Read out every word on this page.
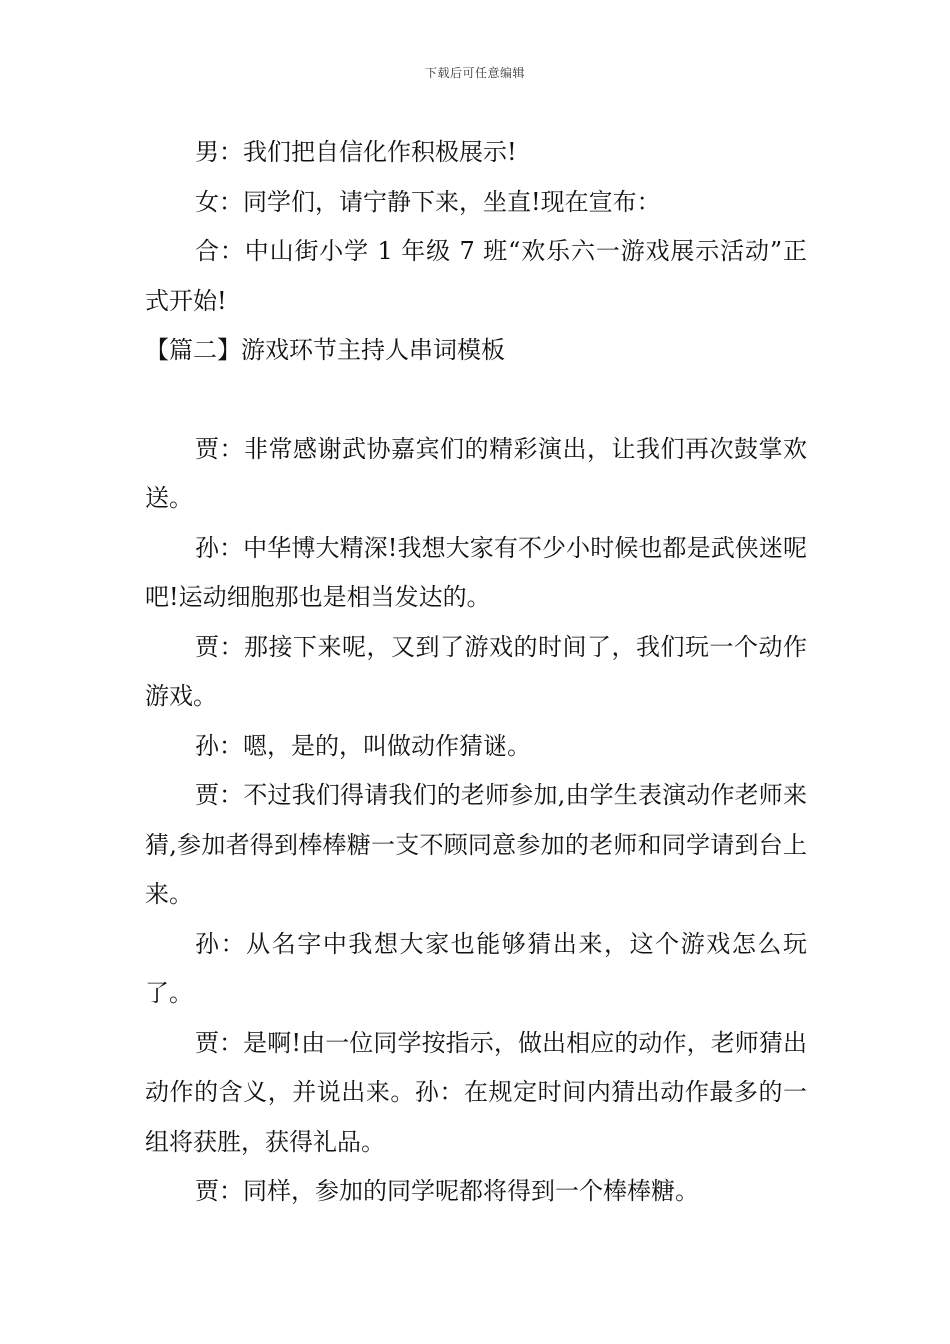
下载后可任意编辑

男：我们把自信化作积极展示!

女：同学们，请宁静下来，坐直!现在宣布：

合：中山街小学 1 年级 7 班“欢乐六一游戏展示活动”正式开始!

【篇二】游戏环节主持人串词模板

贾：非常感谢武协嘉宾们的精彩演出，让我们再次鼓掌欢送。

孙：中华博大精深!我想大家有不少小时候也都是武侠迷呢吧!运动细胞那也是相当发达的。

贾：那接下来呢，又到了游戏的时间了，我们玩一个动作游戏。

孙：嗯，是的，叫做动作猜谜。

贾：不过我们得请我们的老师参加,由学生表演动作老师来猜,参加者得到棒棒糖一支不顾同意参加的老师和同学请到台上来。

孙：从名字中我想大家也能够猜出来，这个游戏怎么玩了。

贾：是啊!由一位同学按指示，做出相应的动作，老师猜出动作的含义，并说出来。孙：在规定时间内猜出动作最多的一组将获胜，获得礼品。

贾：同样，参加的同学呢都将得到一个棒棒糖。
